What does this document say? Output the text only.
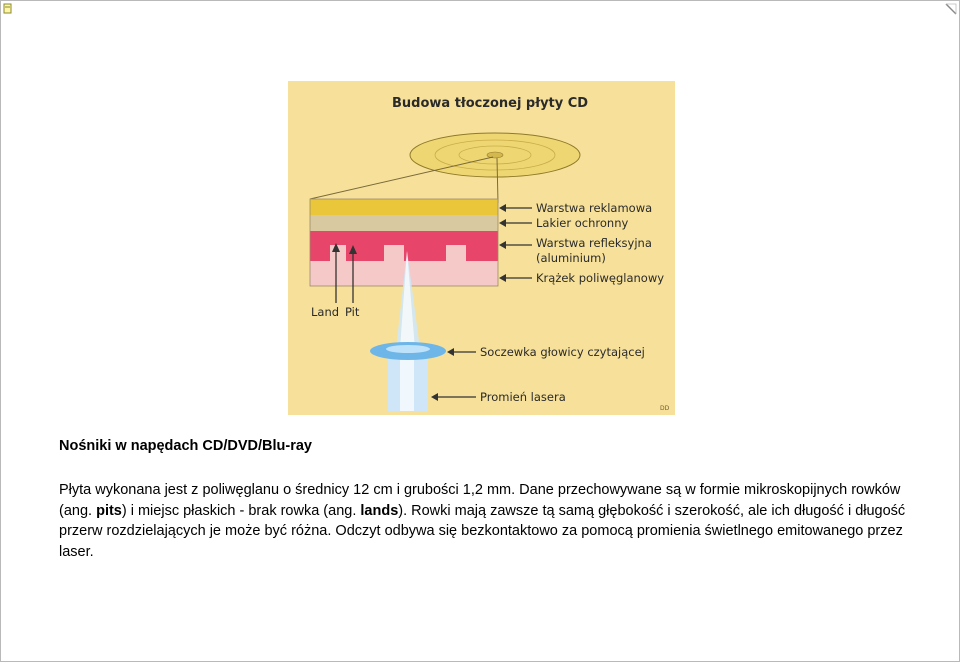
Budowa tłoczonej płyty CD
Land Pit
Warstwa reklamowa
Lakier ochronny
Warstwa refleksyjna
(aluminium)
Krążek poliwęglanowy
Soczewka głowicy czytającej
Promień lasera
DD
Nośniki w napędach CD/DVD/Blu-ray
Płyta wykonana jest z poliwęglanu o średnicy 12 cm i grubości 1,2 mm. Dane przechowywane są w formie mikroskopijnych rowków (ang. pits) i miejsc płaskich - brak rowka (ang. lands). Rowki mają zawsze tą samą głębokość i szerokość, ale ich długość i długość przerw rozdzielających je może być różna. Odczyt odbywa się bezkontaktowo za pomocą promienia świetlnego emitowanego przez laser.
